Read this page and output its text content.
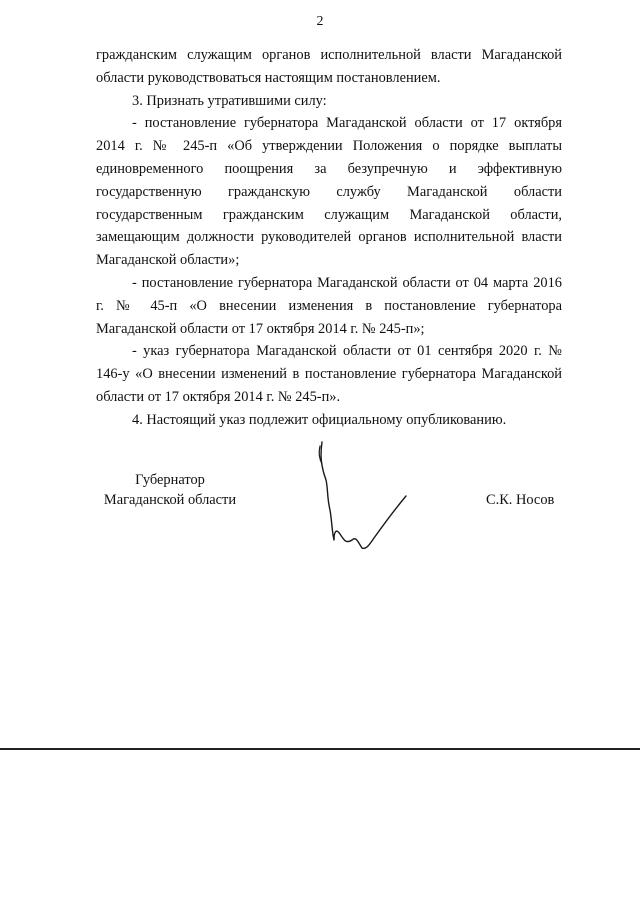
2

гражданским служащим органов исполнительной власти Магаданской области руководствоваться настоящим постановлением.

3. Признать утратившими силу:

- постановление губернатора Магаданской области от 17 октября 2014 г. № 245-п «Об утверждении Положения о порядке выплаты единовременного поощрения за безупречную и эффективную государственную гражданскую службу Магаданской области государственным гражданским служащим Магаданской области, замещающим должности руководителей органов исполнительной власти Магаданской области»;

- постановление губернатора Магаданской области от 04 марта 2016 г. № 45-п «О внесении изменения в постановление губернатора Магаданской области от 17 октября 2014 г. № 245-п»;

- указ губернатора Магаданской области от 01 сентября 2020 г. № 146-у «О внесении изменений в постановление губернатора Магаданской области от 17 октября 2014 г. № 245-п».

4. Настоящий указ подлежит официальному опубликованию.

Губернатор
Магаданской области	С.К. Носов
